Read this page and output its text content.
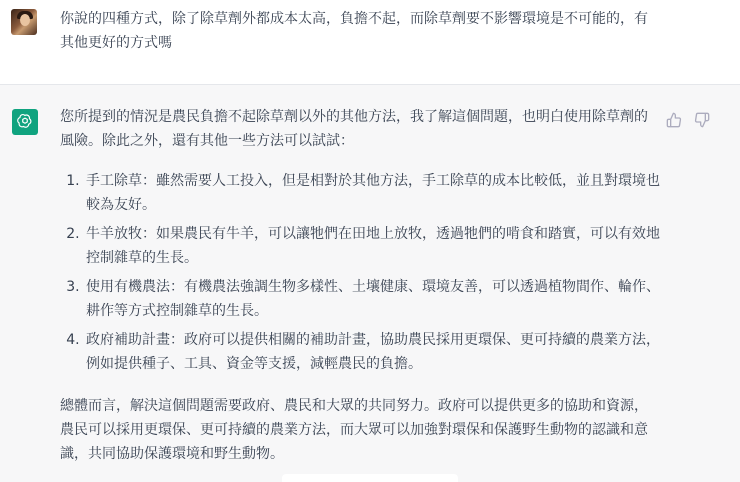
你說的四種方式，除了除草劑外都成本太高，負擔不起，而除草劑要不影響環境是不可能的，有其他更好的方式嗎

您所提到的情況是農民負擔不起除草劑以外的其他方法，我了解這個問題，也明白使用除草劑的風險。除此之外，還有其他一些方法可以試試：

1. 手工除草：雖然需要人工投入，但是相對於其他方法，手工除草的成本比較低，並且對環境也較為友好。
2. 牛羊放牧：如果農民有牛羊，可以讓牠們在田地上放牧，透過牠們的啃食和踏實，可以有效地控制雜草的生長。
3. 使用有機農法：有機農法強調生物多樣性、土壤健康、環境友善，可以透過植物間作、輪作、耕作等方式控制雜草的生長。
4. 政府補助計畫：政府可以提供相關的補助計畫，協助農民採用更環保、更可持續的農業方法，例如提供種子、工具、資金等支援，減輕農民的負擔。

總體而言，解決這個問題需要政府、農民和大眾的共同努力。政府可以提供更多的協助和資源，農民可以採用更環保、更可持續的農業方法，而大眾可以加強對環保和保護野生動物的認識和意識，共同協助保護環境和野生動物。
